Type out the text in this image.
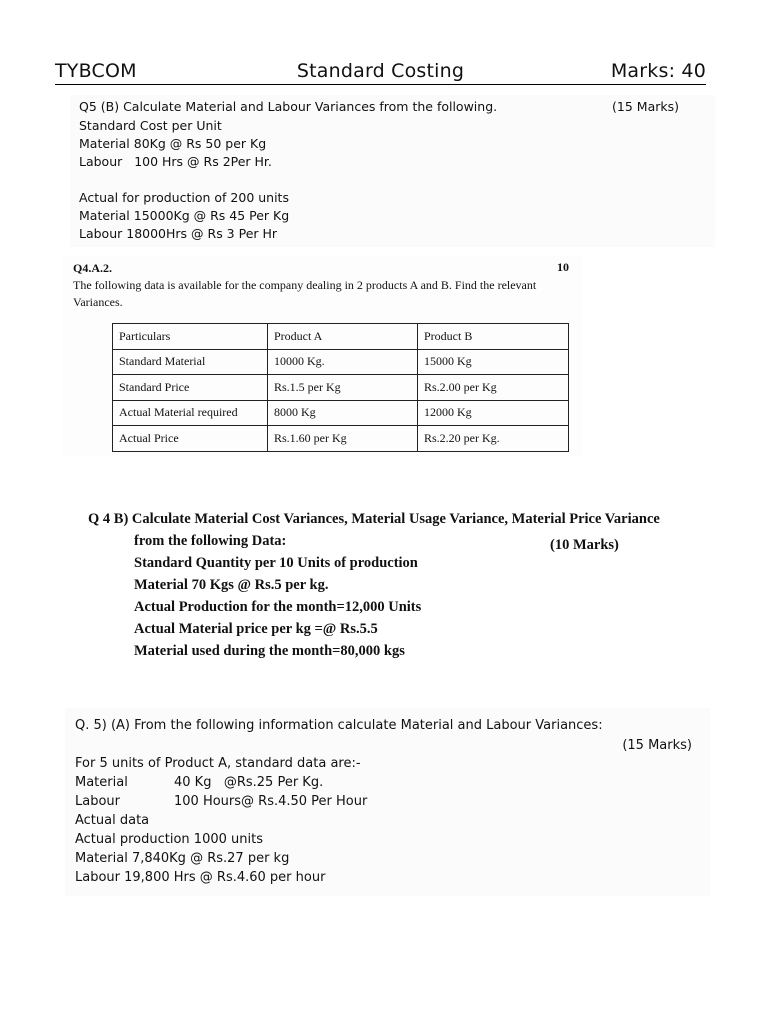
TYBCOM	Standard Costing	Marks: 40
Q5 (B) Calculate Material and Labour Variances from the following.	(15 Marks)
Standard Cost per Unit
Material 80Kg @ Rs 50 per Kg
Labour   100 Hrs @ Rs 2Per Hr.
Actual for production of 200 units
Material 15000Kg @ Rs 45 Per Kg
Labour 18000Hrs @ Rs 3 Per Hr
Q4.A.2.	10
The following data is available for the company dealing in 2 products A and B. Find the relevant Variances.
Particulars	Product A	Product B
Standard Material	10000 Kg.	15000 Kg
Standard Price	Rs.1.5 per Kg	Rs.2.00 per Kg
Actual Material required	8000 Kg	12000 Kg
Actual Price	Rs.1.60 per Kg	Rs.2.20 per Kg.
Q 4 B) Calculate Material Cost Variances, Material Usage Variance, Material Price Variance
from the following Data:	(10 Marks)
Standard Quantity per 10 Units of production
Material 70 Kgs @ Rs.5 per kg.
Actual Production for the month=12,000 Units
Actual Material price per kg =@ Rs.5.5
Material used during the month=80,000 kgs
Q. 5) (A) From the following information calculate Material and Labour Variances:
(15 Marks)
For 5 units of Product A, standard data are:-
Material	40 Kg   @Rs.25 Per Kg.
Labour	100 Hours@ Rs.4.50 Per Hour
Actual data
Actual production 1000 units
Material 7,840Kg @ Rs.27 per kg
Labour 19,800 Hrs @ Rs.4.60 per hour
